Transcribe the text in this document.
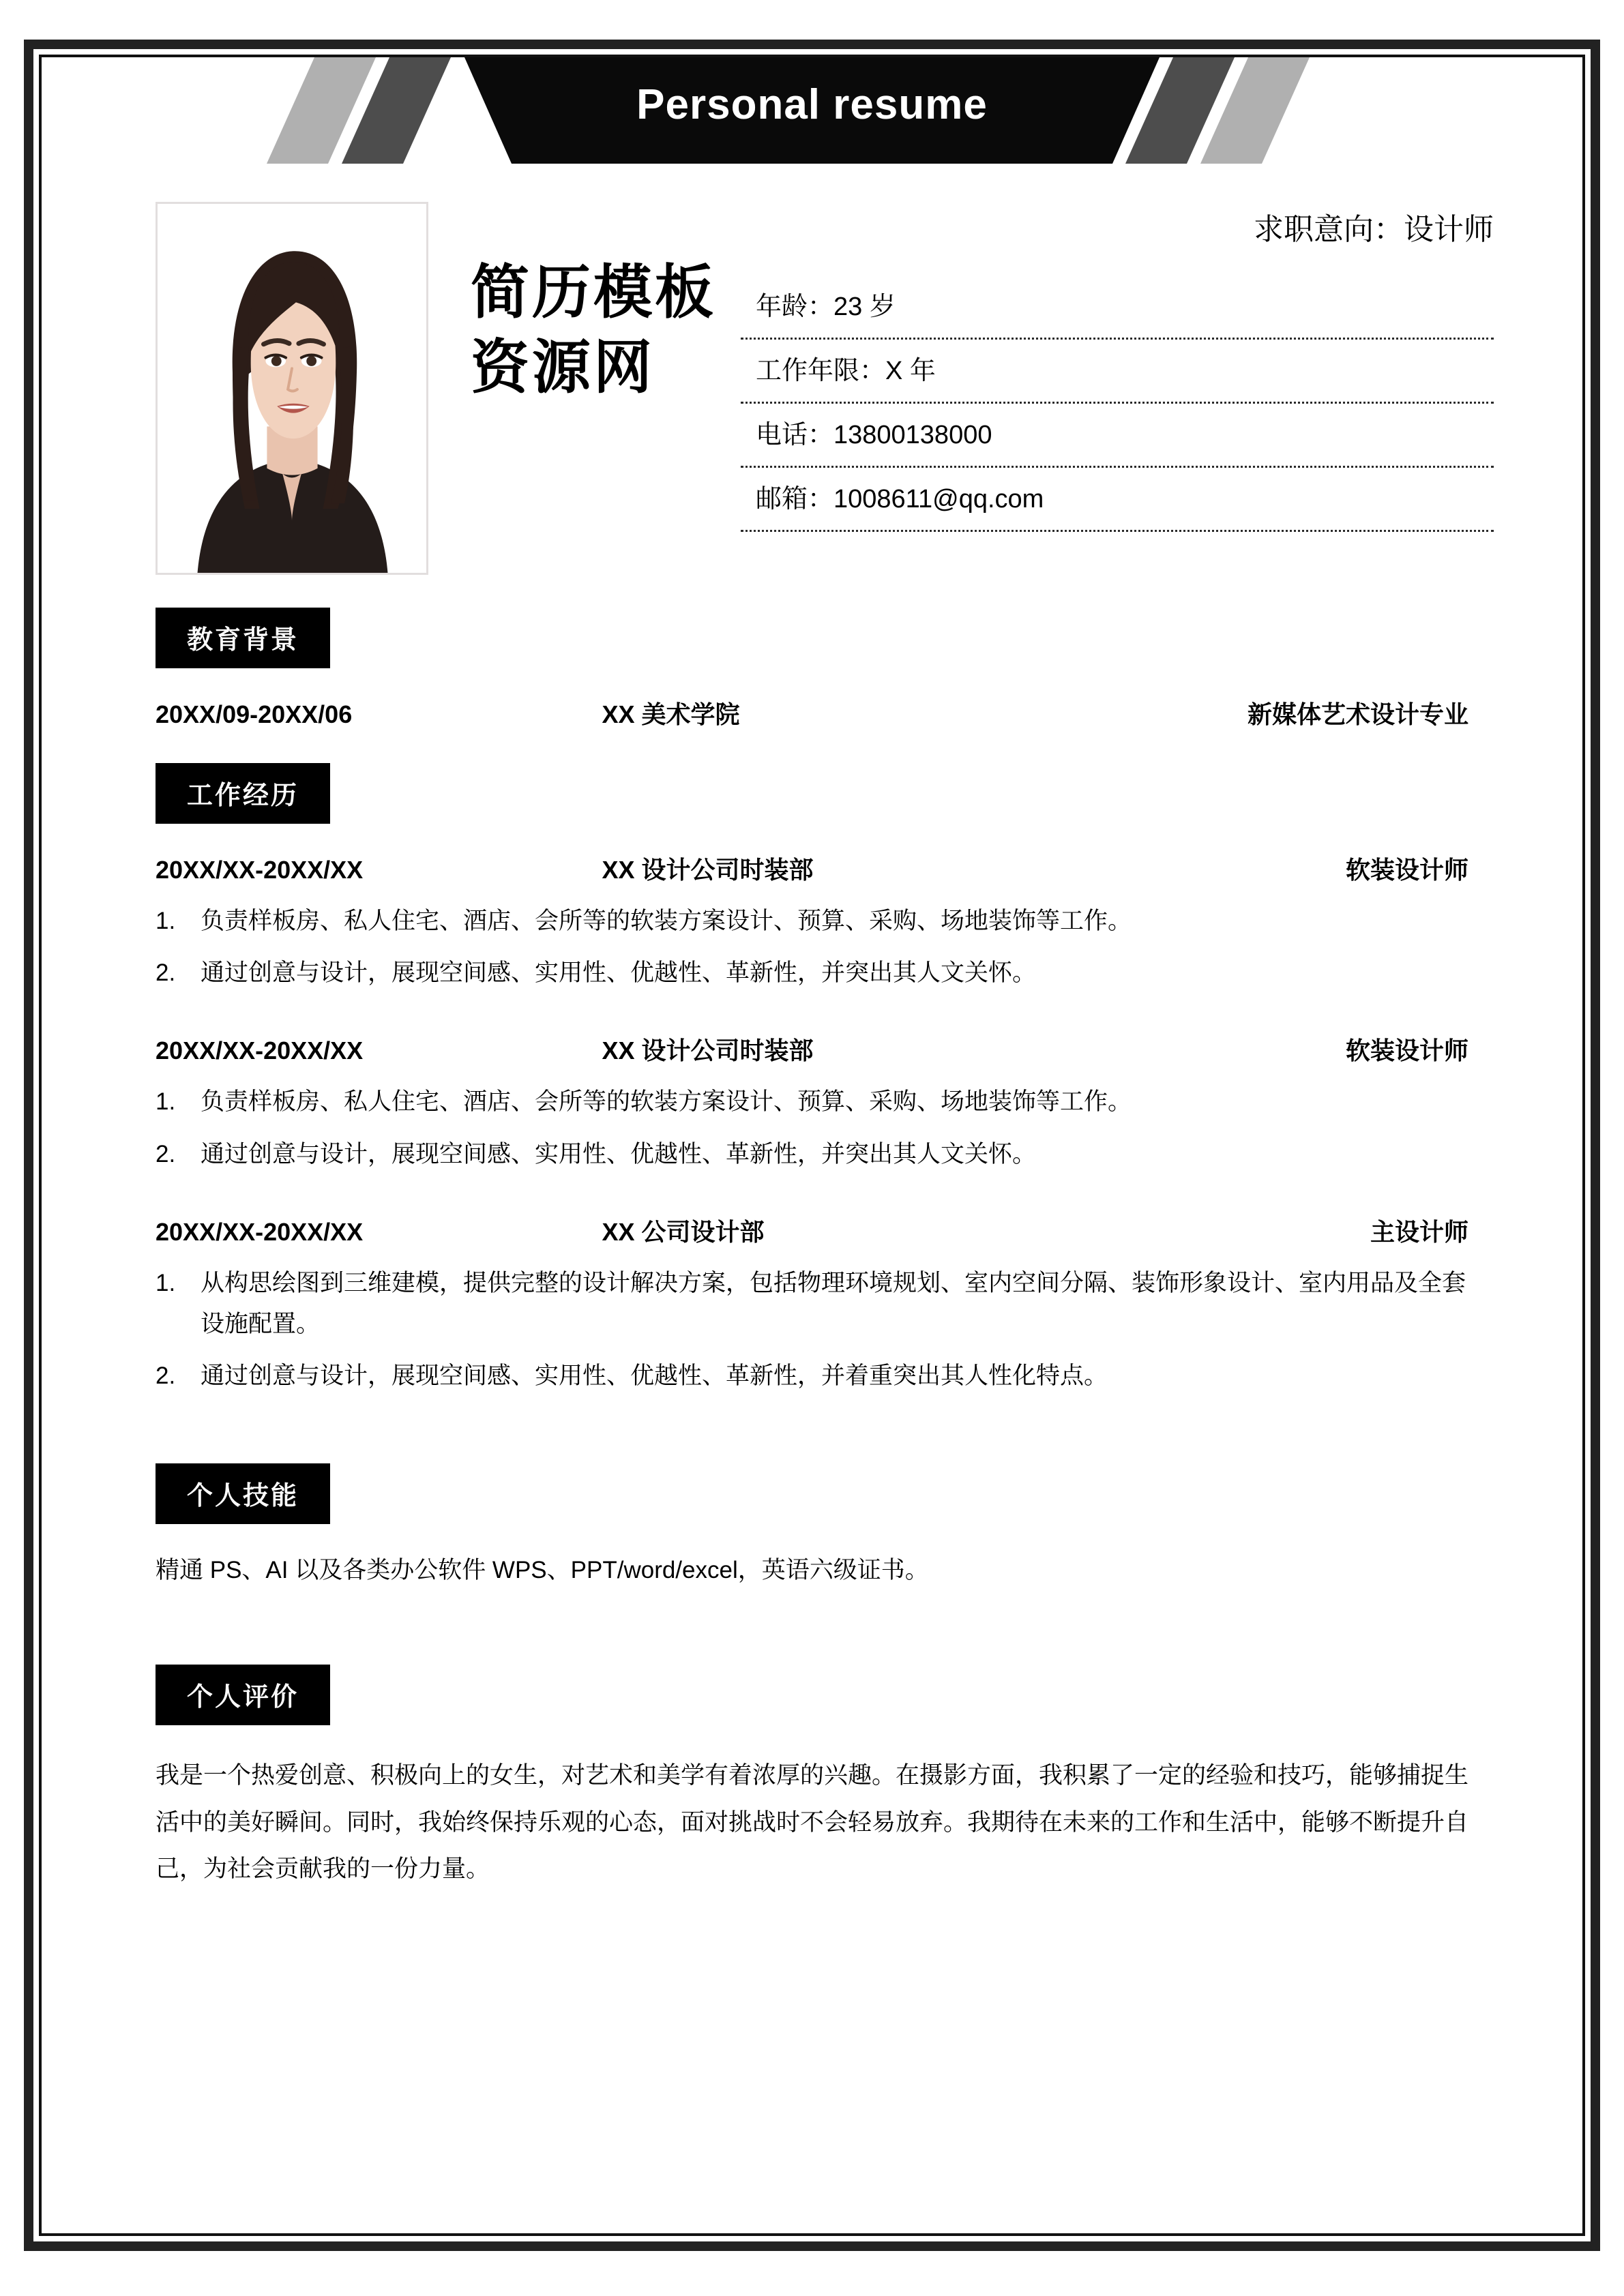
Personal resume
简历模板
资源网
求职意向：设计师
年龄：23 岁
工作年限：X 年
电话：13800138000
邮箱：1008611@qq.com
教育背景
20XX/09-20XX/06	XX 美术学院	新媒体艺术设计专业
工作经历
20XX/XX-20XX/XX	XX 设计公司时装部	软装设计师
1.	负责样板房、私人住宅、酒店、会所等的软装方案设计、预算、采购、场地装饰等工作。
2.	通过创意与设计，展现空间感、实用性、优越性、革新性，并突出其人文关怀。
20XX/XX-20XX/XX	XX 设计公司时装部	软装设计师
1.	负责样板房、私人住宅、酒店、会所等的软装方案设计、预算、采购、场地装饰等工作。
2.	通过创意与设计，展现空间感、实用性、优越性、革新性，并突出其人文关怀。
20XX/XX-20XX/XX	XX 公司设计部	主设计师
1.	从构思绘图到三维建模，提供完整的设计解决方案，包括物理环境规划、室内空间分隔、装饰形象设计、室内用品及全套设施配置。
2.	通过创意与设计，展现空间感、实用性、优越性、革新性，并着重突出其人性化特点。
个人技能
精通 PS、AI 以及各类办公软件 WPS、PPT/word/excel，英语六级证书。
个人评价
我是一个热爱创意、积极向上的女生，对艺术和美学有着浓厚的兴趣。在摄影方面，我积累了一定的经验和技巧，能够捕捉生活中的美好瞬间。同时，我始终保持乐观的心态，面对挑战时不会轻易放弃。我期待在未来的工作和生活中，能够不断提升自己，为社会贡献我的一份力量。
